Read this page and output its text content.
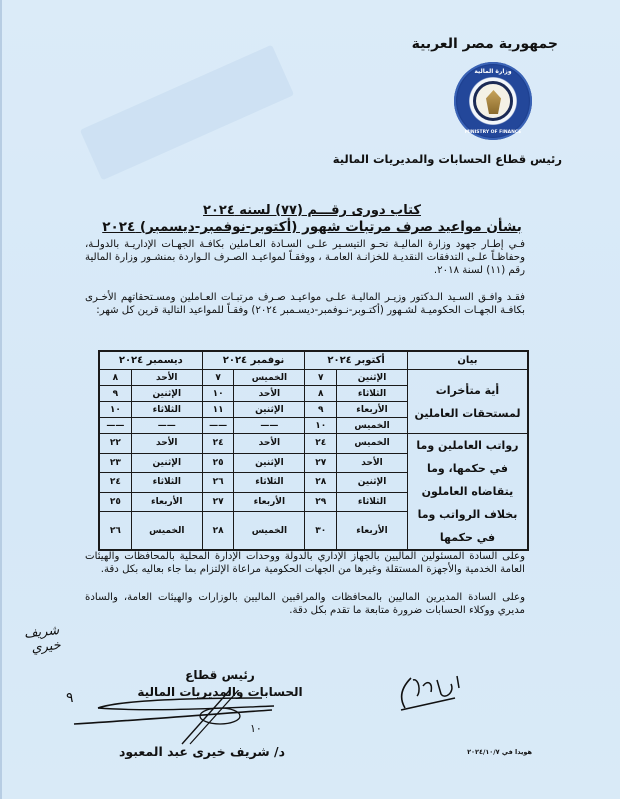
جمهورية مصر العربية
وزارة المالية
MINISTRY OF FINANCE
رئيس قطاع الحسابات والمديريات المالية
كتاب دورى رقـــم (٧٧) لسنه ٢٠٢٤
بشأن مواعيد صرف مرتبات شهور (أكتوبر-نوفمبر-ديسمبر) ٢٠٢٤
فـي إطـار جهود وزارة الماليـة نحـو التيسـير علـى السـادة العـاملين بكافـة الجهـات الإداريـة بالدولـة، وحفاظـاً علـى التدفقات النقديـة للخزانـة العامـة ، ووفقـاً لمواعيـد الصـرف الـواردة بمنشـور وزارة المالية رقم (١١) لسنة ٢٠١٨.
فقـد وافـق السـيد الـدكتور وزيـر الماليـة علـى مواعيـد صـرف مرتبـات العـاملين ومسـتحقاتهم الأخـرى بكافـة الجهـات الحكوميـة لشـهور (أكتـوبر-نـوفمبر-ديسـمبر ٢٠٢٤) وفقـاً للمواعيد التالية قرين كل شهر:
بيان	أكتوبر ٢٠٢٤		نوفمبر ٢٠٢٤		ديسمبر ٢٠٢٤	
أية متأخرات لمستحقات العاملين	الإثنين	٧	الخميس	٧	الأحد	٨
	الثلاثاء	٨	الأحد	١٠	الإثنين	٩
	الأربعاء	٩	الإثنين	١١	الثلاثاء	١٠
	الخميس	١٠	——	——	——	——
رواتب العاملين وما في حكمها، وما يتقاضاه العاملون بخلاف الرواتب وما في حكمها	الخميس	٢٤	الأحد	٢٤	الأحد	٢٢
	الأحد	٢٧	الإثنين	٢٥	الإثنين	٢٣
	الإثنين	٢٨	الثلاثاء	٢٦	الثلاثاء	٢٤
	الثلاثاء	٢٩	الأربعاء	٢٧	الأربعاء	٢٥
	الأربعاء	٣٠	الخميس	٢٨	الخميس	٢٦
وعلى السادة المسئولين الماليين بالجهاز الإداري بالدولة ووحدات الإدارة المحلية بالمحافظات والهيئات العامة الخدمية والأجهزة المستقلة وغيرها من الجهات الحكومية مراعاة الإلتزام بما جاء بعاليه بكل دقة.
وعلى السادة المديرين الماليين بالمحافظات والمراقبين الماليين بالوزارات والهيئات العامة، والسادة مديري ووكلاء الحسابات ضرورة متابعة ما تقدم بكل دقة.
شريف خيري
رئيس قطاع
الحسابات والمديريات المالية
٩
١٠
د/ شريف خيرى عبد المعبود	هويدا في ٢٠٢٤/١٠/٧
